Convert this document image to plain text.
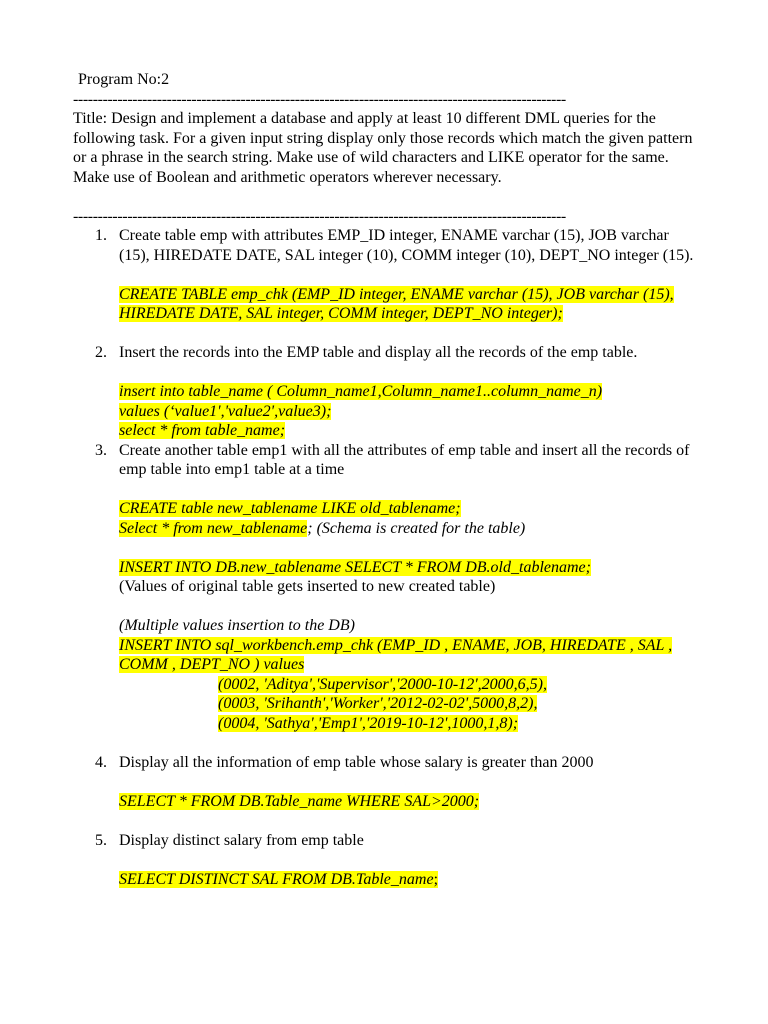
Program No:2
----------------------------------------------------------------------------------------------------
Title: Design and implement a database and apply at least 10 different DML queries for the following task. For a given input string display only those records which match the given pattern or a phrase in the search string. Make use of wild characters and LIKE operator for the same. Make use of Boolean and arithmetic operators wherever necessary.
----------------------------------------------------------------------------------------------------
1. Create table emp with attributes EMP_ID integer, ENAME varchar (15), JOB varchar (15), HIREDATE DATE, SAL integer (10), COMM integer (10), DEPT_NO integer (15).
CREATE TABLE emp_chk (EMP_ID integer, ENAME varchar (15), JOB varchar (15), HIREDATE DATE, SAL integer, COMM integer, DEPT_NO integer);
2. Insert the records into the EMP table and display all the records of the emp table.
insert into table_name ( Column_name1,Column_name1..column_name_n)
values (‘value1','value2',value3);
select * from table_name;
3. Create another table emp1 with all the attributes of emp table and insert all the records of emp table into emp1 table at a time
CREATE table new_tablename LIKE old_tablename;
Select * from new_tablename; (Schema is created for the table)
INSERT INTO DB.new_tablename SELECT * FROM DB.old_tablename;
(Values of original table gets inserted to new created table)
(Multiple values insertion to the DB)
INSERT INTO sql_workbench.emp_chk (EMP_ID , ENAME, JOB, HIREDATE , SAL , COMM , DEPT_NO ) values
(0002, 'Aditya','Supervisor','2000-10-12',2000,6,5),
(0003, 'Srihanth','Worker','2012-02-02',5000,8,2),
(0004, 'Sathya','Emp1','2019-10-12',1000,1,8);
4. Display all the information of emp table whose salary is greater than 2000
SELECT * FROM DB.Table_name WHERE SAL>2000;
5. Display distinct salary from emp table
SELECT DISTINCT SAL FROM DB.Table_name;
